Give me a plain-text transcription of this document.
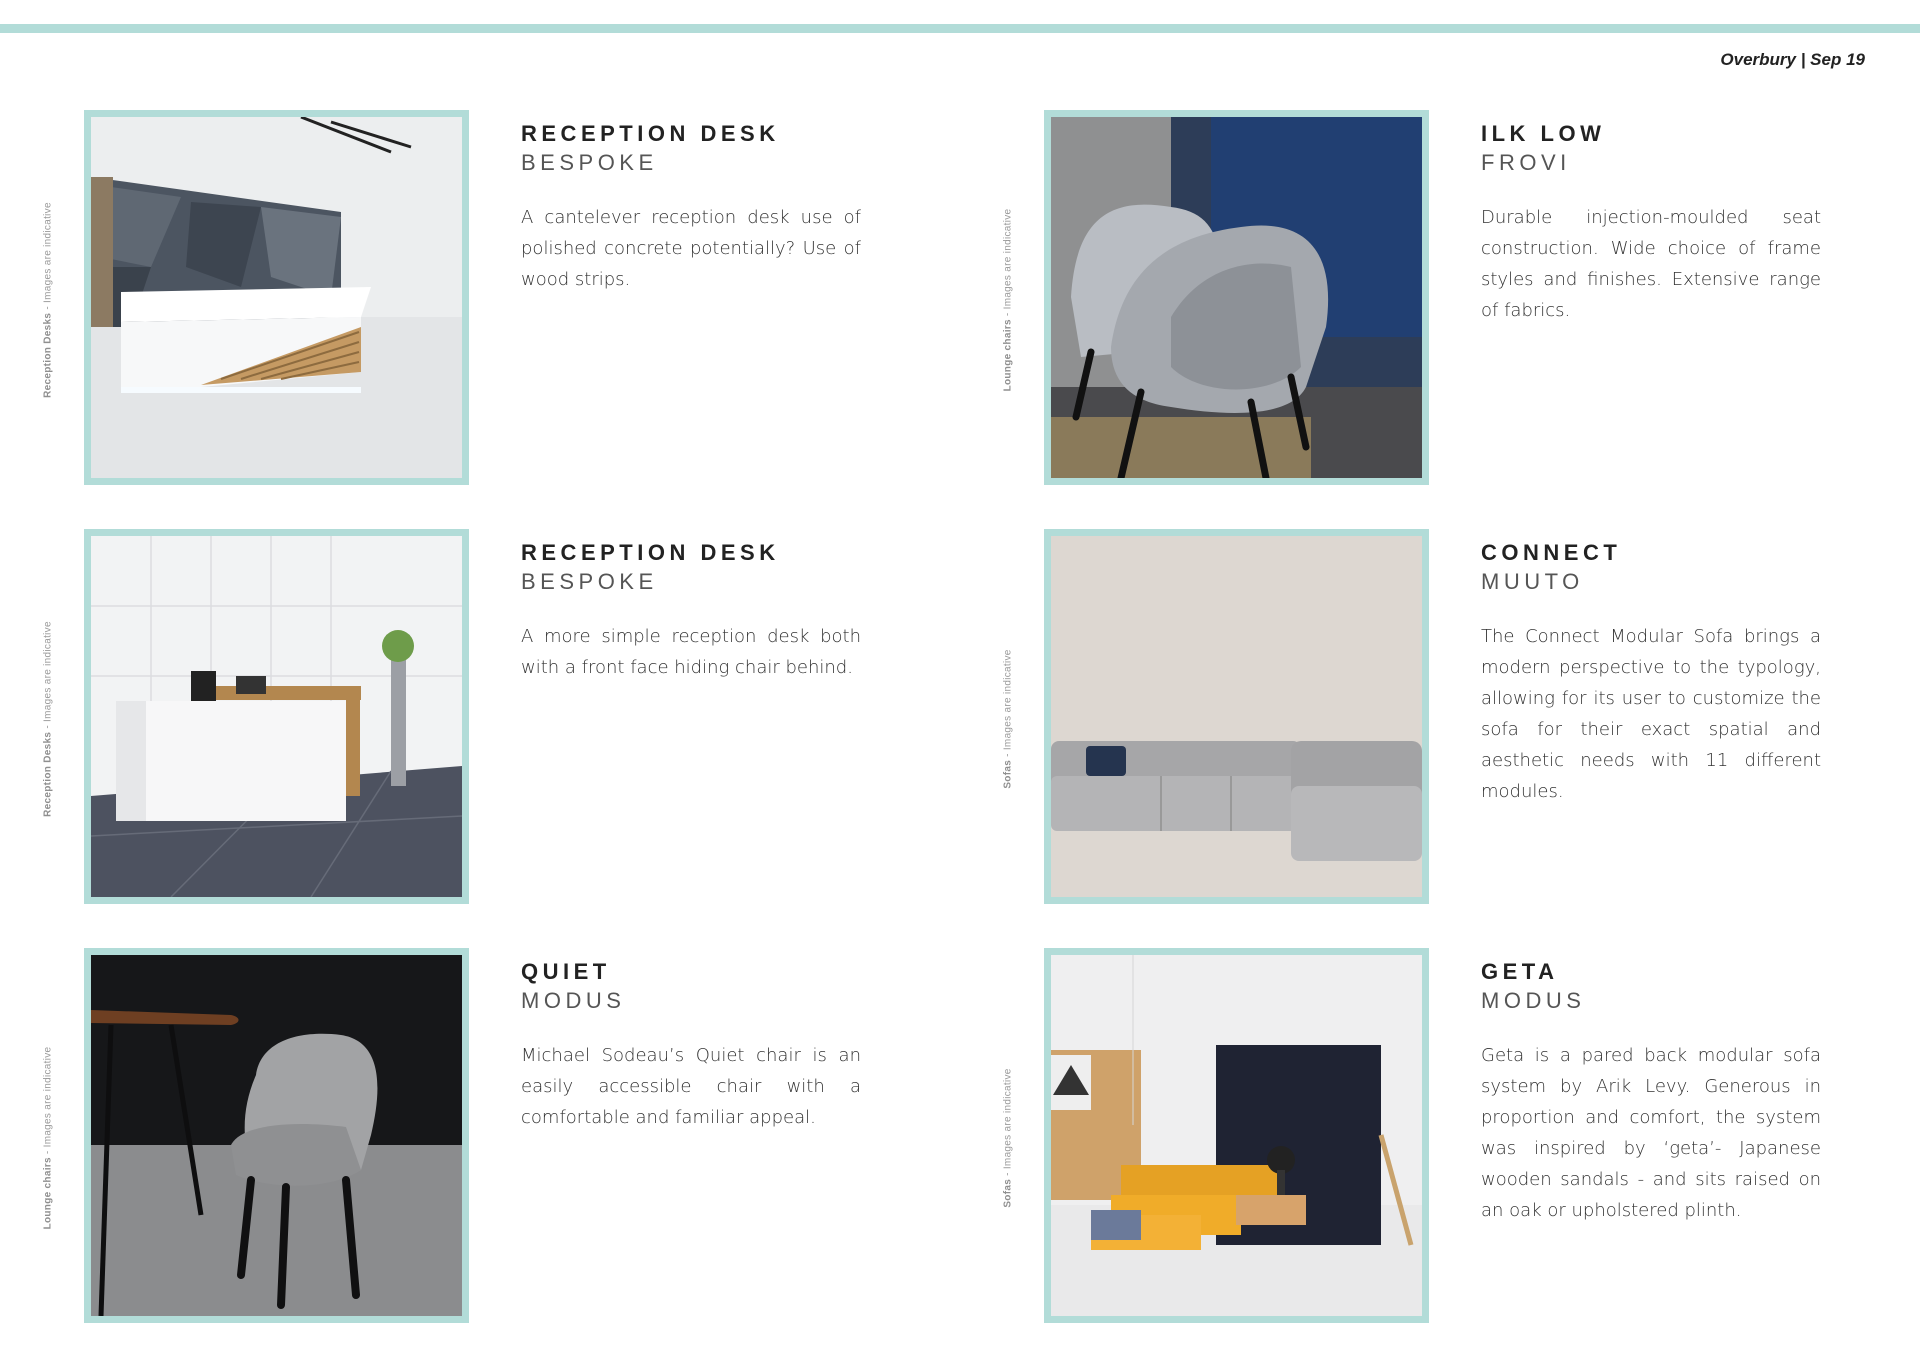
Overbury | Sep 19
Reception Desks - Images are indicative
RECEPTION DESK
BESPOKE

A cantelever reception desk use of polished concrete potentially? Use of wood strips.

Lounge chairs - Images are indicative
ILK LOW
FROVI

Durable injection-moulded seat construction. Wide choice of frame styles and finishes. Extensive range of fabrics.

Reception Desks - Images are indicative
RECEPTION DESK
BESPOKE

A more simple reception desk both with a front face hiding chair behind.

Sofas - Images are indicative
CONNECT
MUUTO

The Connect Modular Sofa brings a modern perspective to the typology, allowing for its user to customize the sofa for their exact spatial and aesthetic needs with 11 different modules.

Lounge chairs - Images are indicative
QUIET
MODUS

Michael Sodeau’s Quiet chair is an easily accessible chair with a comfortable and familiar appeal.

Sofas - Images are indicative
GETA
MODUS

Geta is a pared back modular sofa system by Arik Levy. Generous in proportion and comfort, the system was inspired by ‘geta’- Japanese wooden sandals - and sits raised on an oak or upholstered plinth.
